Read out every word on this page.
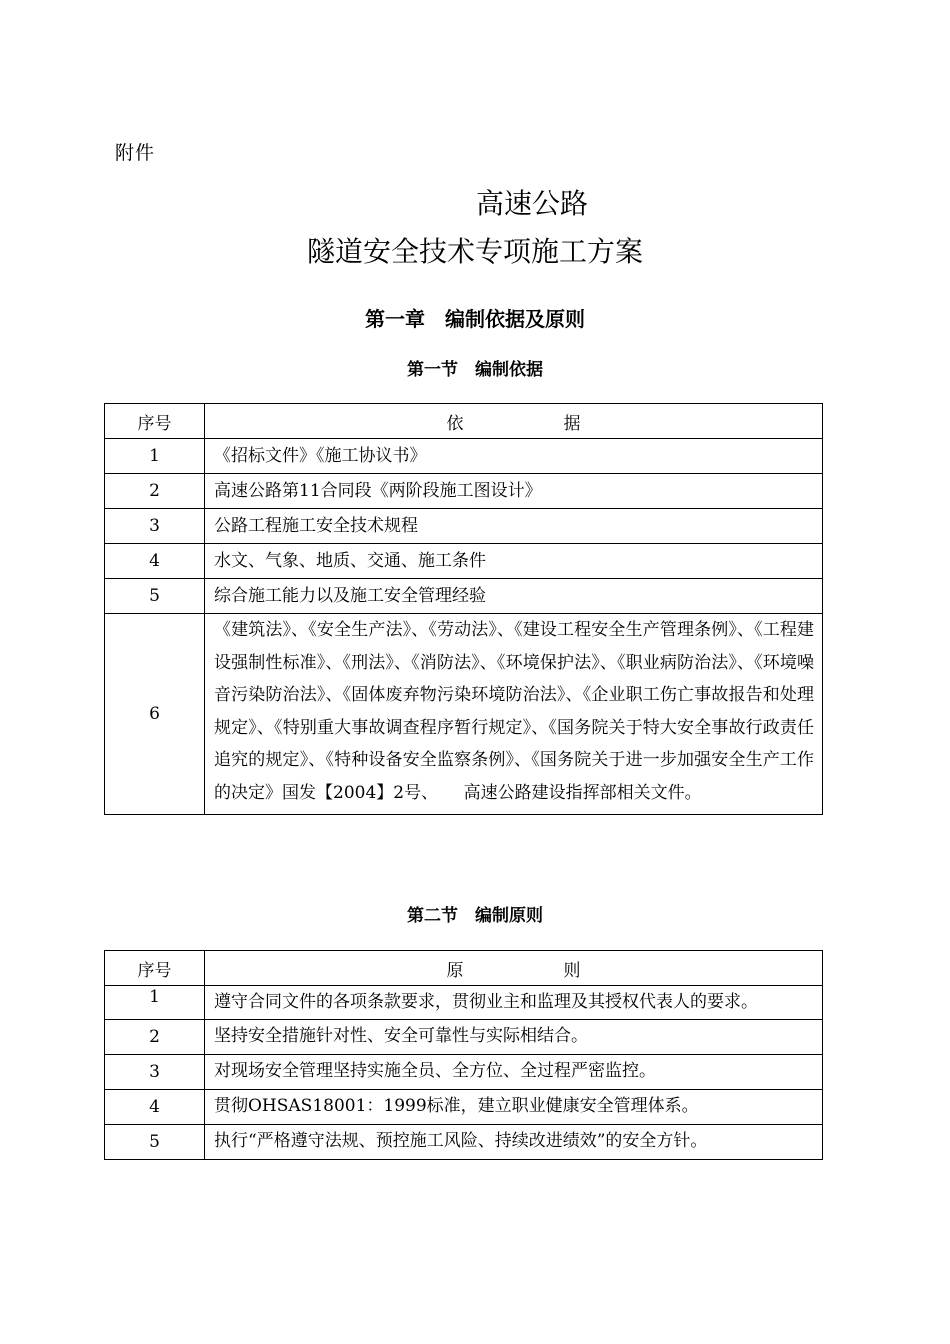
附件
高速公路
隧道安全技术专项施工方案
第一章　编制依据及原则
第一节　编制依据
序号	依 据
1	《招标文件》《施工协议书》
2	高速公路第11合同段《两阶段施工图设计》
3	公路工程施工安全技术规程
4	水文、气象、地质、交通、施工条件
5	综合施工能力以及施工安全管理经验
6	《建筑法》、《安全生产法》、《劳动法》、《建设工程安全生产管理条例》、《工程建设强制性标准》、《刑法》、《消防法》、《环境保护法》、《职业病防治法》、《环境噪音污染防治法》、《固体废弃物污染环境防治法》、《企业职工伤亡事故报告和处理规定》、《特别重大事故调查程序暂行规定》、《国务院关于特大安全事故行政责任追究的规定》、《特种设备安全监察条例》、《国务院关于进一步加强安全生产工作的决定》国发【2004】2号、　　高速公路建设指挥部相关文件。
第二节　编制原则
序号	原 则
1	遵守合同文件的各项条款要求，贯彻业主和监理及其授权代表人的要求。
2	坚持安全措施针对性、安全可靠性与实际相结合。
3	对现场安全管理坚持实施全员、全方位、全过程严密监控。
4	贯彻OHSAS18001：1999标准，建立职业健康安全管理体系。
5	执行“严格遵守法规、预控施工风险、持续改进绩效”的安全方针。
